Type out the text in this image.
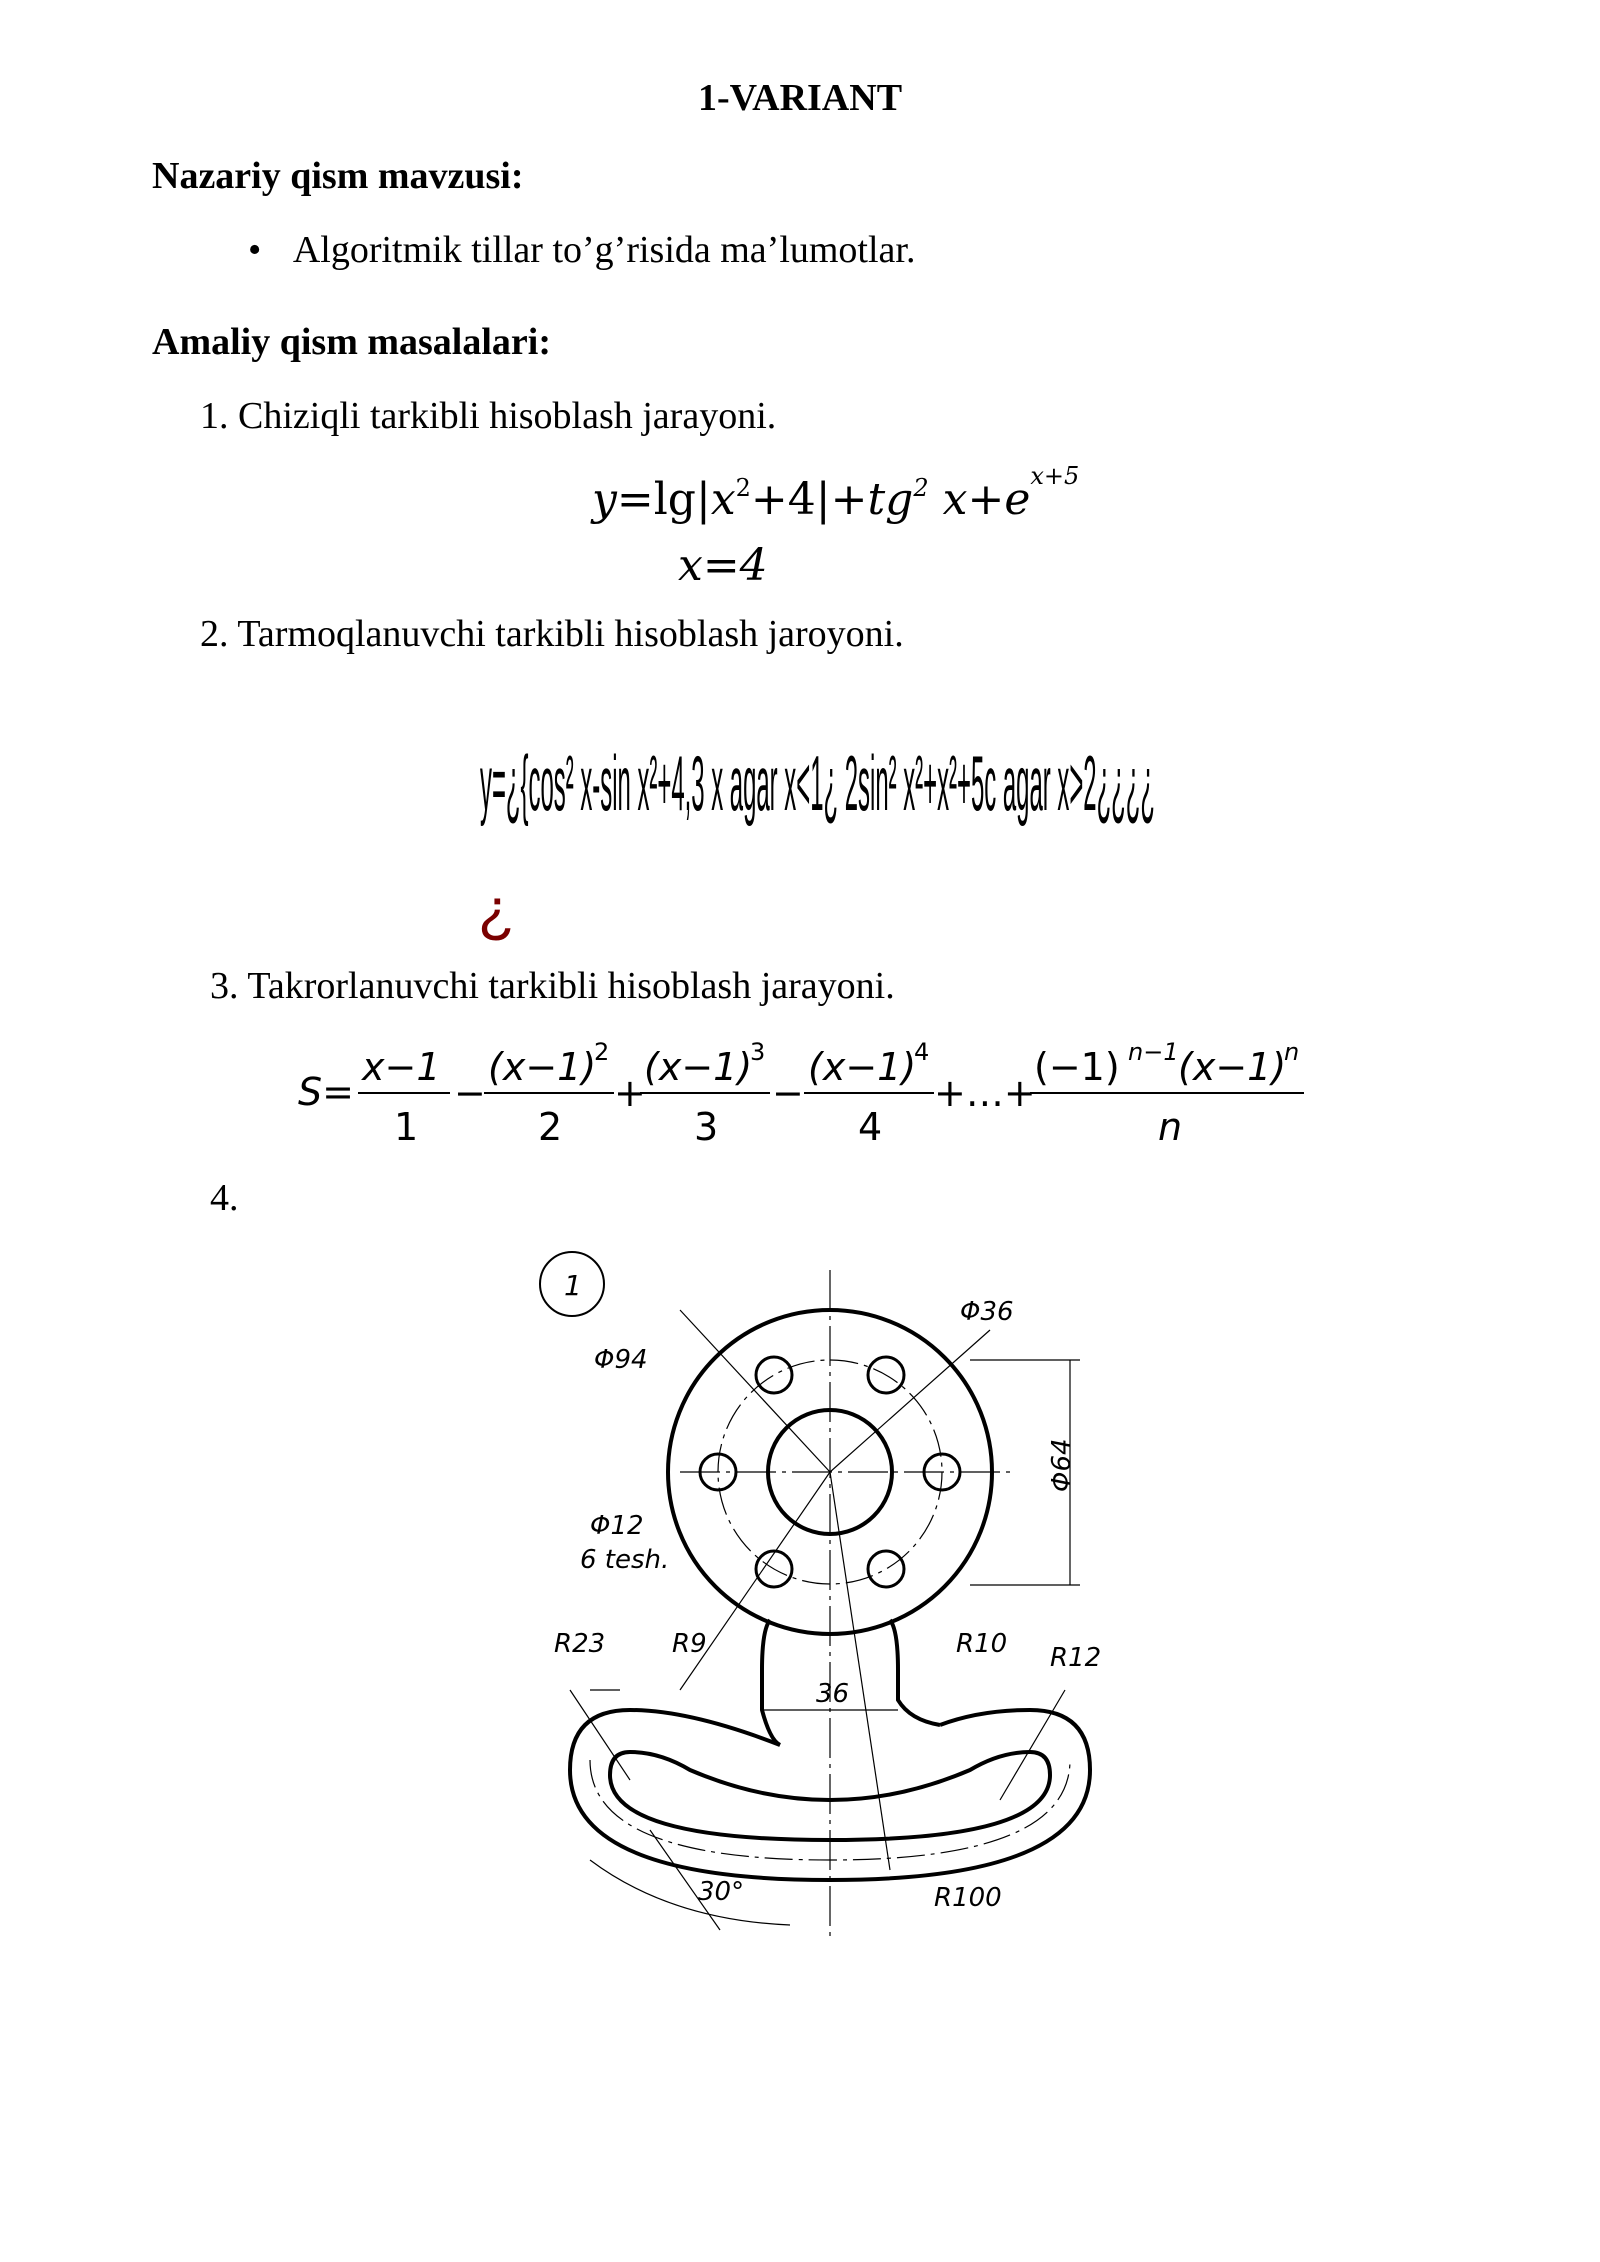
1-VARIANT
Nazariy qism mavzusi:
• Algoritmik tillar to’g’risida ma’lumotlar.
Amaliy qism masalalari:
1. Chiziqli tarkibli hisoblash jarayoni.
$y=\lg|x^2+4|+tg^2$ $x+e^{x+5}$
x=4
2. Tarmoqlanuvchi tarkibli hisoblash jaroyoni.
y=¿{cos² x-sin x²+4,3 x agar x<1¿ 2sin² x²+x²+5c agar x>2¿¿¿¿
¿
3. Takrorlanuvchi tarkibli hisoblash jarayoni.
S=
x−1
1
−
(x−1)
2
2
+
(x−1)
3
3
−
(x−1)
4
4
+…+
(−1) n−1 (x−1)
n
n
4.
1
Φ94
Φ36
Φ64
Φ12
6 tesh.
R23	R9	R10 R12
36
30°	R100
